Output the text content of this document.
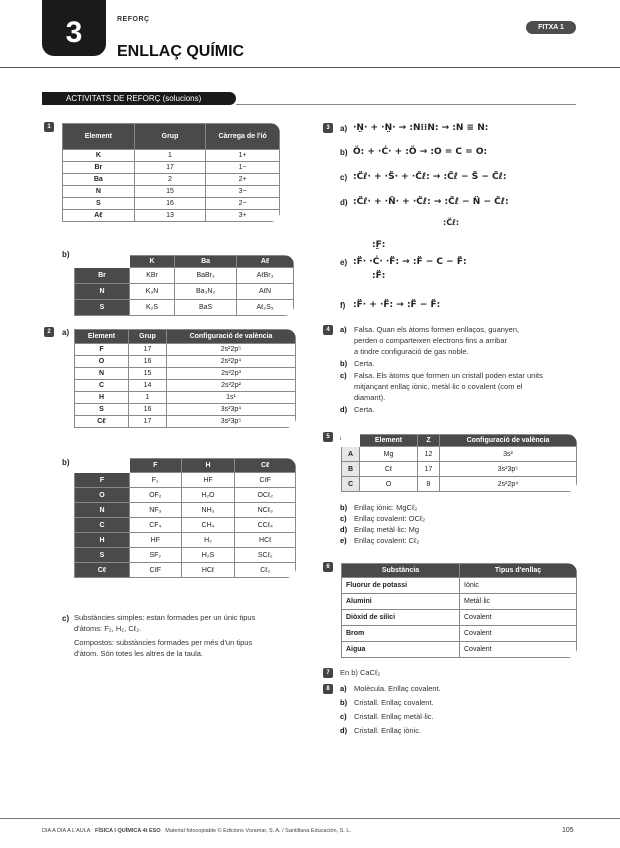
3	REFORÇ
ENLLAÇ QUÍMIC
FITXA 1
ACTIVITATS DE REFORÇ (solucions)
1
Element	Grup	Càrrega de l'ió
K	1	1+
Br	17	1−
Ba	2	2+
N	15	3−
S	16	2−
Aℓ	13	3+
b)
	K	Ba	Aℓ
Br	KBr	BaBr₂	AℓBr₃
N	K₃N	Ba₃N₂	AℓN
S	K₂S	BaS	Aℓ₂S₃
2	a)	Element	Grup	Configuració de valència
F	17	2s²2p⁵
O	16	2s²2p⁴
N	15	2s²2p³
C	14	2s²2p²
H	1	1s¹
S	16	3s²3p⁴
Cℓ	17	3s²3p⁵
b)
		F	H	Cℓ
F	F₂	HF	CℓF
O	OF₂	H₂O	OCℓ₂
N	NF₃	NH₃	NCℓ₃
C	CF₄	CH₄	CCℓ₄
H	HF	H₂	HCℓ
S	SF₂	H₂S	SCℓ₂
Cℓ	CℓF	HCℓ	Cℓ₂
c) Substàncies simples: estan formades per un únic tipus
d'àtoms: F₂, H₂, Cℓ₂.
Compostos: substàncies formades per més d'un tipus
d'àtom. Són totes les altres de la taula.
3	a) ·N̤· + ·N̤· → :N⁝⁝N: → :N ≡ N:
b) Ö: + ·Ċ· + :Ö → :O = C = O:
c) :C̈ℓ· + ·S̈· + ·C̈ℓ: → :C̈ℓ − S̈ − C̈ℓ:
d) :C̈ℓ· + ·N̈· + ·C̈ℓ: → :C̈ℓ − N̈ − C̈ℓ:
e) :F̈· ·Ċ· ·F̈: → :F̈ − C − F̈:
:F̤:
:F̈:
f) :F̈· + ·F̈: → :F̈ − F̈:
:C̈ℓ:
4	a) Falsa. Quan els àtoms formen enllaços, guanyen,
perden o comparteixen electrons fins a arribar
a tindre configuració de gas noble.
b) Certa.
c) Falsa. Els àtoms que formen un cristall poden estar units
mitjançant enllaç iònic, metàl·lic o covalent (com el
diamant).
d) Certa.
5
		Element	Z	Configuració de valència
A	Mg	12	3s²
B	Cℓ	17	3s²3p⁵
C	O	8	2s²2p⁴
b) Enllaç iònic: MgCℓ₂
c) Enllaç covalent: OCℓ₂
d) Enllaç metàl·lic: Mg
e) Enllaç covalent: Cℓ₂
6	Substància	Tipus d'enllaç
Fluorur de potassi	Iònic
Alumini	Metàl·lic
Diòxid de silici	Covalent
Brom	Covalent
Aigua	Covalent
7	En b) CaCℓ₂
8	a) Molècula. Enllaç covalent.
b) Cristall. Enllaç covalent.
c) Cristall. Enllaç metàl·lic.
d) Cristall. Enllaç iònic.
DIA A DIA A L'AULA FÍSICA I QUÍMICA 4t ESO Material fotocopiable © Edicions Voramar, S. A. / Santillana Educación, S. L.	105
